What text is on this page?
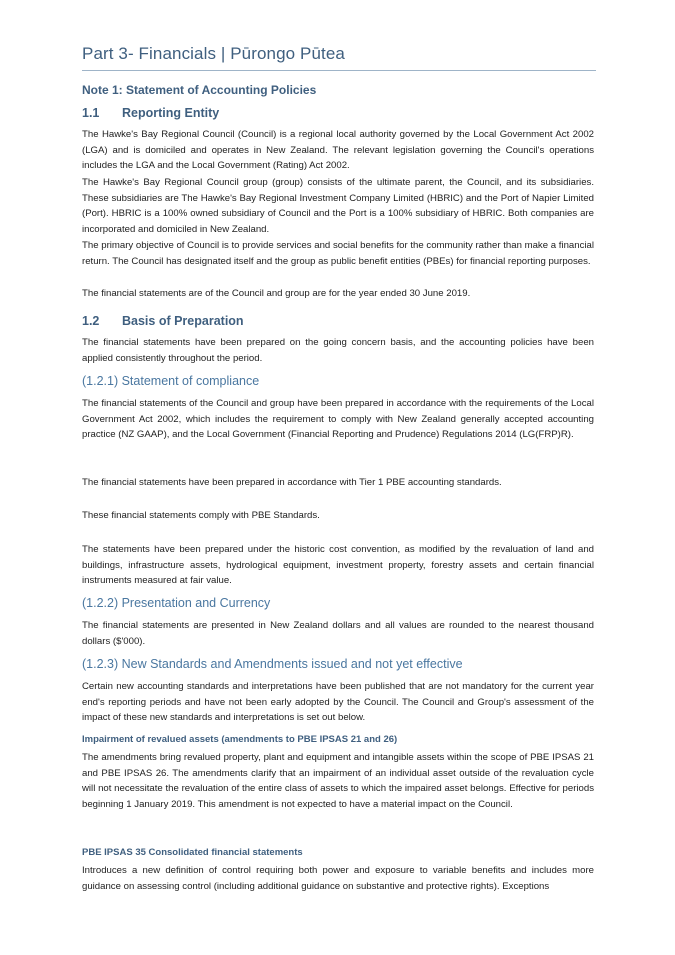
Part 3- Financials | Pūrongo Pūtea
Note 1: Statement of Accounting Policies
1.1 Reporting Entity
The Hawke's Bay Regional Council (Council) is a regional local authority governed by the Local Government Act 2002 (LGA) and is domiciled and operates in New Zealand. The relevant legislation governing the Council's operations includes the LGA and the Local Government (Rating) Act 2002.
The Hawke's Bay Regional Council group (group) consists of the ultimate parent, the Council, and its subsidiaries. These subsidiaries are The Hawke's Bay Regional Investment Company Limited (HBRIC) and the Port of Napier Limited (Port). HBRIC is a 100% owned subsidiary of Council and the Port is a 100% subsidiary of HBRIC. Both companies are incorporated and domiciled in New Zealand.
The primary objective of Council is to provide services and social benefits for the community rather than make a financial return. The Council has designated itself and the group as public benefit entities (PBEs) for financial reporting purposes.
The financial statements are of the Council and group are for the year ended 30 June 2019.
1.2 Basis of Preparation
The financial statements have been prepared on the going concern basis, and the accounting policies have been applied consistently throughout the period.
(1.2.1) Statement of compliance
The financial statements of the Council and group have been prepared in accordance with the requirements of the Local Government Act 2002, which includes the requirement to comply with New Zealand generally accepted accounting practice (NZ GAAP), and the Local Government (Financial Reporting and Prudence) Regulations 2014 (LG(FRP)R).
The financial statements have been prepared in accordance with Tier 1 PBE accounting standards.
These financial statements comply with PBE Standards.
The statements have been prepared under the historic cost convention, as modified by the revaluation of land and buildings, infrastructure assets, hydrological equipment, investment property, forestry assets and certain financial instruments measured at fair value.
(1.2.2) Presentation and Currency
The financial statements are presented in New Zealand dollars and all values are rounded to the nearest thousand dollars ($'000).
(1.2.3) New Standards and Amendments issued and not yet effective
Certain new accounting standards and interpretations have been published that are not mandatory for the current year end's reporting periods and have not been early adopted by the Council. The Council and Group's assessment of the impact of these new standards and interpretations is set out below.
Impairment of revalued assets (amendments to PBE IPSAS 21 and 26)
The amendments bring revalued property, plant and equipment and intangible assets within the scope of PBE IPSAS 21 and PBE IPSAS 26. The amendments clarify that an impairment of an individual asset outside of the revaluation cycle will not necessitate the revaluation of the entire class of assets to which the impaired asset belongs. Effective for periods beginning 1 January 2019. This amendment is not expected to have a material impact on the Council.
PBE IPSAS 35 Consolidated financial statements
Introduces a new definition of control requiring both power and exposure to variable benefits and includes more guidance on assessing control (including additional guidance on substantive and protective rights). Exceptions
